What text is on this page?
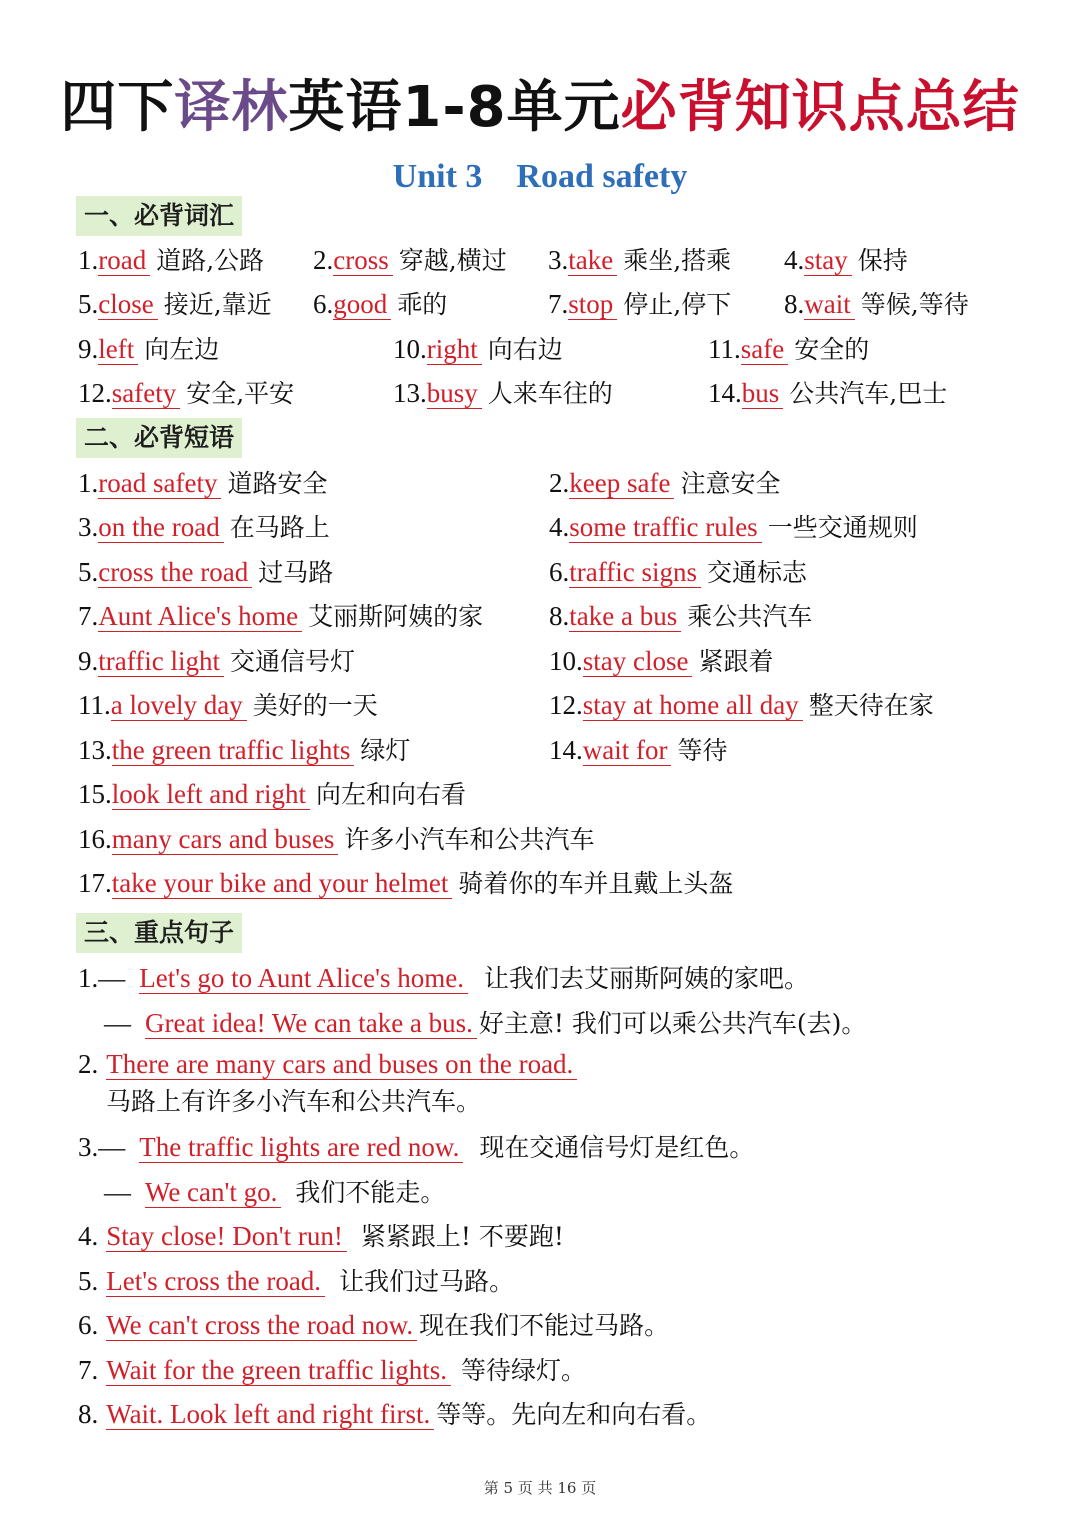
四下译林英语1-8单元必背知识点总结
Unit 3    Road safety
一、必背词汇
1.road 道路,公路 2.cross 穿越,横过 3.take 乘坐,搭乘 4.stay 保持
5.close 接近,靠近 6.good 乖的	7.stop 停止,停下 8.wait 等候,等待
9.left 向左边	10.right 向右边	11.safe 安全的
12.safety 安全,平安	13.busy 人来车往的	14.bus 公共汽车,巴士
二、必背短语
1.road safety 道路安全	2.keep safe 注意安全
3.on the road 在马路上	4.some traffic rules 一些交通规则
5.cross the road 过马路	6.traffic signs 交通标志
7.Aunt Alice's home 艾丽斯阿姨的家 8.take a bus 乘公共汽车
9.traffic light 交通信号灯	10.stay close 紧跟着
11.a lovely day 美好的一天	12.stay at home all day 整天待在家
13.the green traffic lights 绿灯	14.wait for 等待
15.look left and right 向左和向右看
16.many cars and buses 许多小汽车和公共汽车
17.take your bike and your helmet 骑着你的车并且戴上头盔
三、重点句子
1.— Let's go to Aunt Alice's home. 让我们去艾丽斯阿姨的家吧。
— Great idea! We can take a bus. 好主意! 我们可以乘公共汽车(去)。
2. There are many cars and buses on the road.
马路上有许多小汽车和公共汽车。
3.— The traffic lights are red now. 现在交通信号灯是红色。
— We can't go. 我们不能走。
4. Stay close! Don't run! 紧紧跟上! 不要跑!
5. Let's cross the road. 让我们过马路。
6. We can't cross the road now. 现在我们不能过马路。
7. Wait for the green traffic lights. 等待绿灯。
8. Wait. Look left and right first. 等等。先向左和向右看。
第 5 页 共 16 页
